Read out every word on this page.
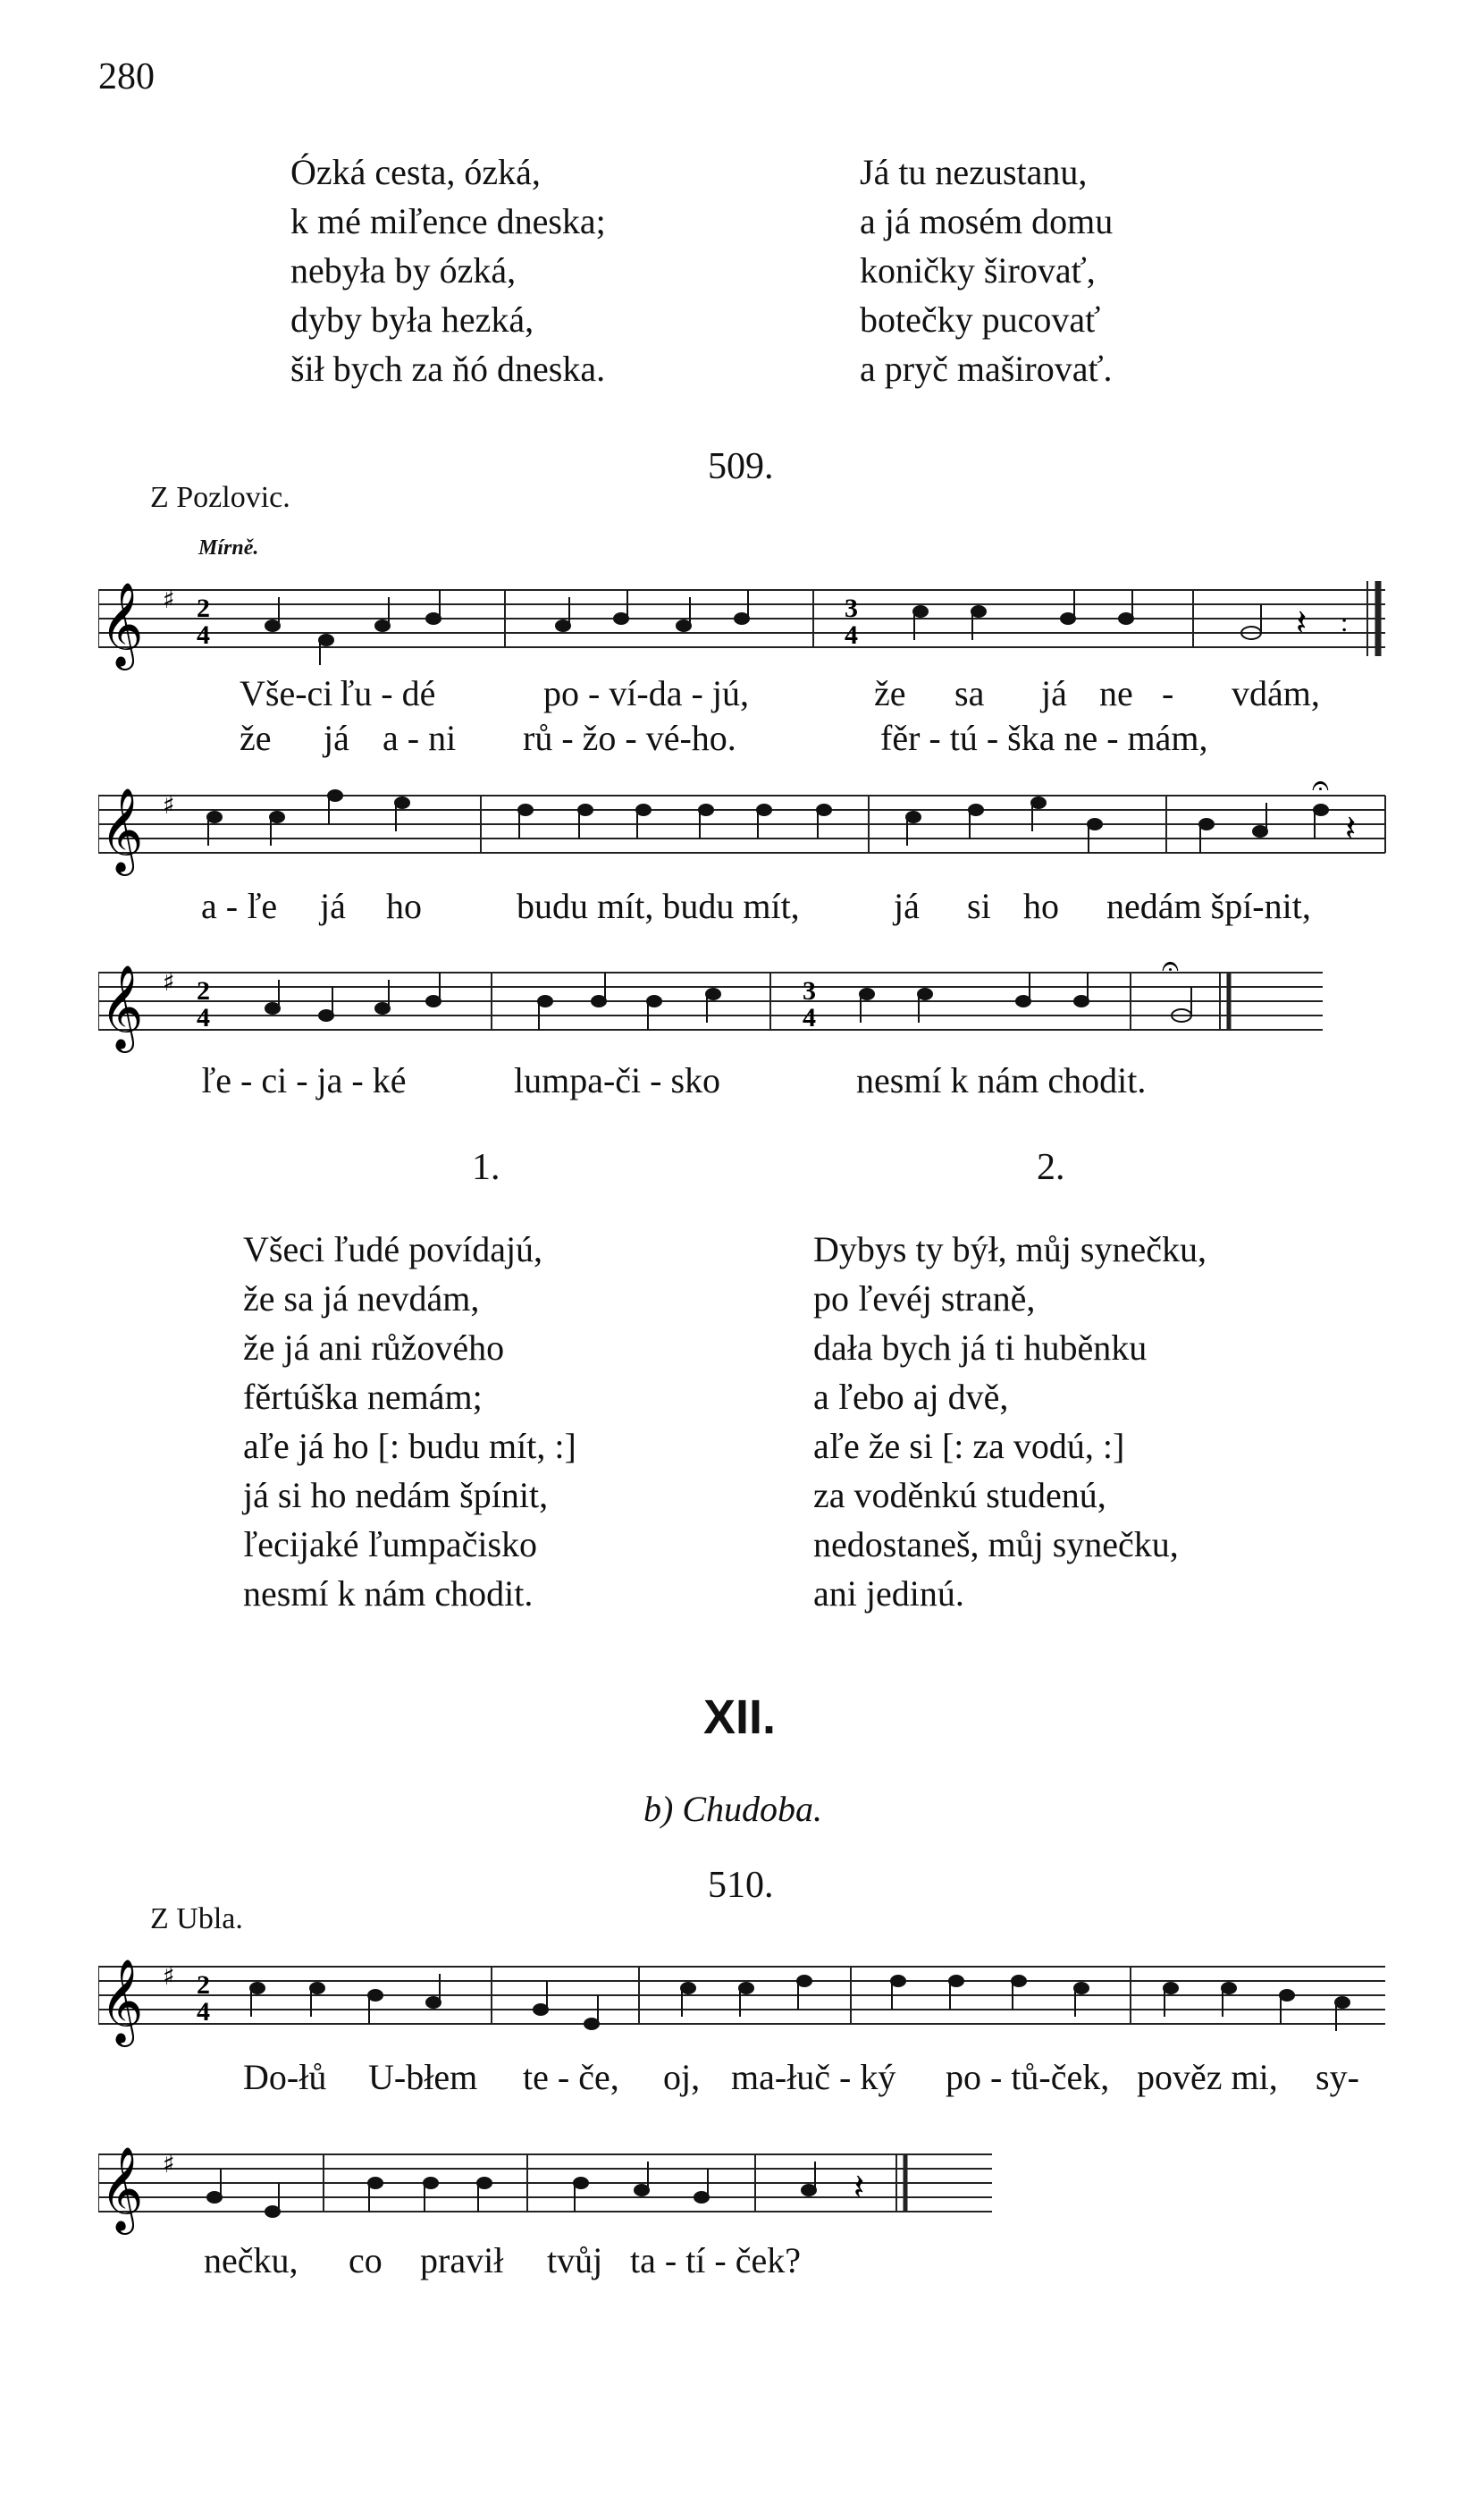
280
Ózká cesta, ózká,
k mé miľence dneska;
nebyła by ózká,
dyby była hezká,
šił bych za ňó dneska.
Já tu nezustanu,
a já mosém domu
koničky širovať,
botečky pucovať
a pryč maširovať.
509.
Z Pozlovic.
Mírně.
𝄞 ♯ 2
4
3
4	𝄽 :
Vše-ci ľu - dé	po - ví-da - jú,	že sa já ne - vdám,
že já a - ni rů - žo - vé-ho.	fěr - tú - ška ne - mám,
𝄞 ♯
𝄐
𝄽
a - ľe já ho	budu mít, budu mít,	já si ho nedám špí-nit,
𝄞 ♯ 2
4
3
4
𝄐
ľe - ci - ja - ké	lumpa-či - sko	nesmí k nám chodit.
1.	2.
Všeci ľudé povídajú,
že sa já nevdám,
že já ani růžového
fěrtúška nemám;
aľe já ho [: budu mít, :]
já si ho nedám špínit,
ľecijaké ľumpačisko
nesmí k nám chodit.
Dybys ty býł, můj synečku,
po ľevéj straně,
dała bych já ti huběnku
a ľebo aj dvě,
aľe že si [: za vodú, :]
za voděnkú studenú,
nedostaneš, můj synečku,
ani jedinú.
XII.
b) Chudoba.
510.
Z Ubla.
𝄞 ♯ 2
4
Do-łů U-błem te - če, oj, ma-łuč - ký po - tů-ček, pověz mi, sy-
𝄞 ♯
𝄽
nečku, co pravił tvůj ta - tí - ček?
